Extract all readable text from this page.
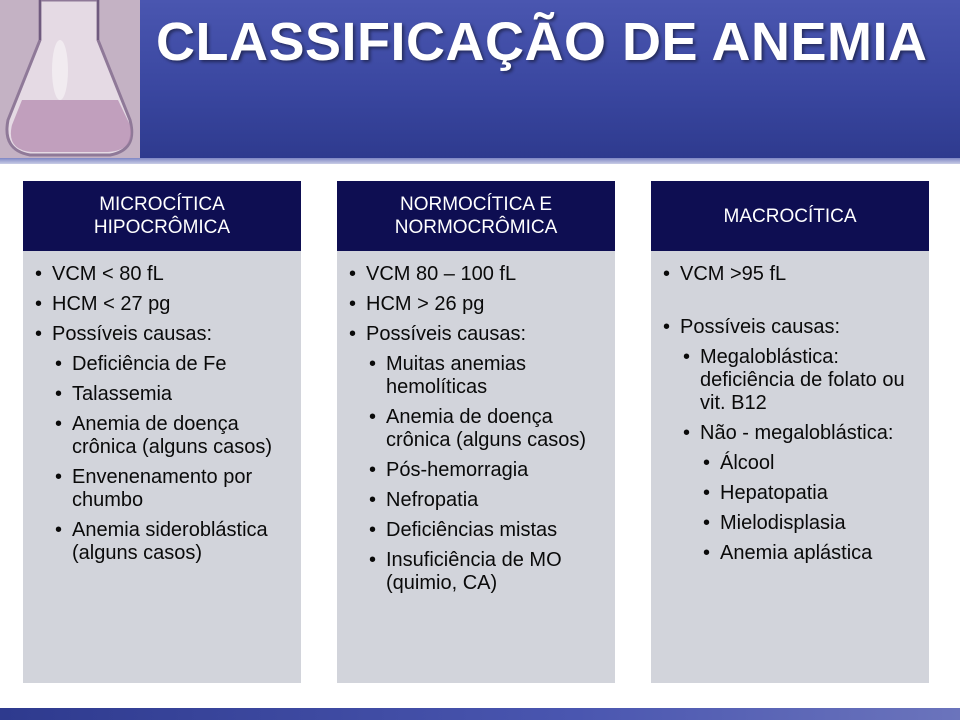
CLASSIFICAÇÃO DE ANEMIA
MICROCÍTICA HIPOCRÔMICA
• VCM < 80 fL
• HCM < 27 pg
• Possíveis causas:
• Deficiência de Fe
• Talassemia
• Anemia de doença crônica (alguns casos)
• Envenenamento por chumbo
• Anemia sideroblástica (alguns casos)
NORMOCÍTICA E NORMOCRÔMICA
• VCM 80 – 100 fL
• HCM > 26 pg
• Possíveis causas:
• Muitas anemias hemolíticas
• Anemia de doença crônica (alguns casos)
• Pós-hemorragia
• Nefropatia
• Deficiências mistas
• Insuficiência de MO (quimio, CA)
MACROCÍTICA
• VCM >95 fL
• Possíveis causas:
• Megaloblástica: deficiência de folato ou vit. B12
• Não - megaloblástica:
• Álcool
• Hepatopatia
• Mielodisplasia
• Anemia aplástica
